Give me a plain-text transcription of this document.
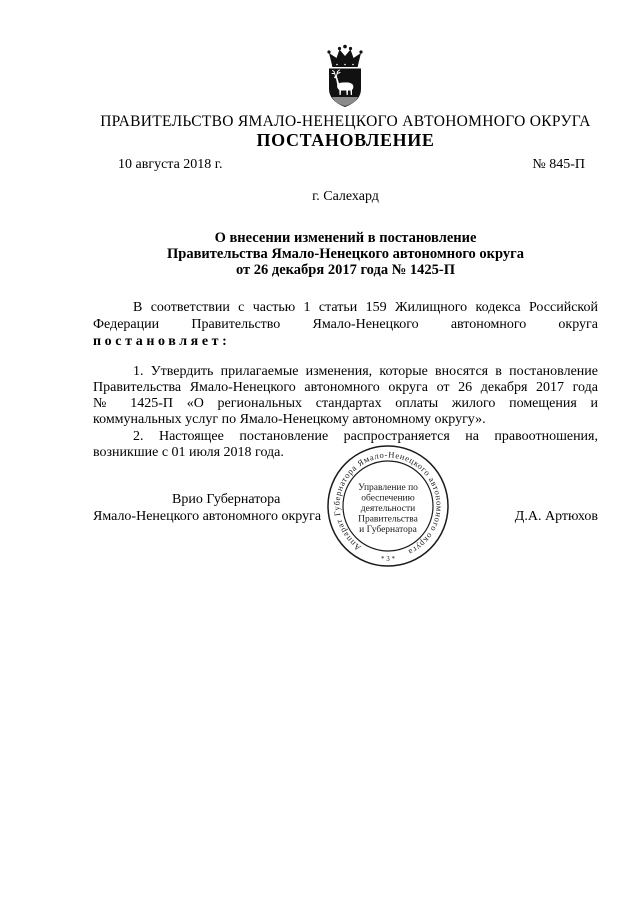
ПРАВИТЕЛЬСТВО ЯМАЛО-НЕНЕЦКОГО АВТОНОМНОГО ОКРУГА
ПОСТАНОВЛЕНИЕ
10 августа 2018 г.	№ 845-П
г. Салехард
О внесении изменений в постановление
Правительства Ямало-Ненецкого автономного округа
от 26 декабря 2017 года № 1425-П
В соответствии с частью 1 статьи 159 Жилищного кодекса Российской
Федерации Правительство Ямало-Ненецкого автономного округа
постановляет:
1. Утвердить прилагаемые изменения, которые вносятся в постановление
Правительства Ямало-Ненецкого автономного округа от 26 декабря 2017 года
№ 1425-П «О региональных стандартах оплаты жилого помещения и
коммунальных услуг по Ямало-Ненецкому автономному округу».
2. Настоящее постановление распространяется на правоотношения,
возникшие с 01 июля 2018 года.
Врио Губернатора
Ямало-Ненецкого автономного округа	Д.А. Артюхов
Аппарат Губернатора Ямало-Ненецкого автономного округа
Управление по
обеспечению
деятельности
Правительства
и Губернатора
* 3 *
